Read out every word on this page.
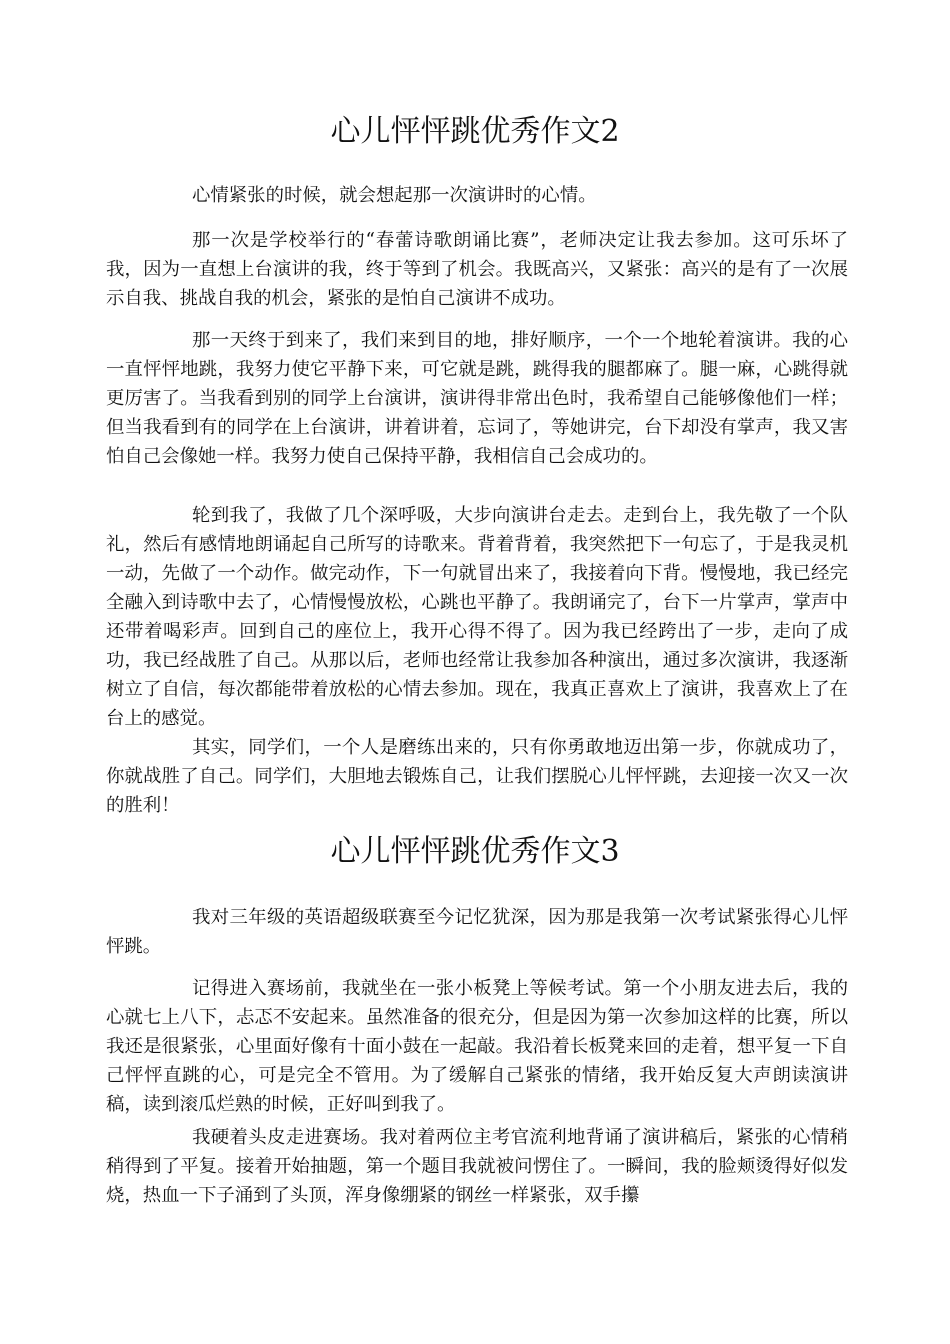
心儿怦怦跳优秀作文2

心情紧张的时候，就会想起那一次演讲时的心情。

那一次是学校举行的“春蕾诗歌朗诵比赛”，老师决定让我去参加。这可乐坏了我，因为一直想上台演讲的我，终于等到了机会。我既高兴，又紧张：高兴的是有了一次展示自我、挑战自我的机会，紧张的是怕自己演讲不成功。

那一天终于到来了，我们来到目的地，排好顺序，一个一个地轮着演讲。我的心一直怦怦地跳，我努力使它平静下来，可它就是跳，跳得我的腿都麻了。腿一麻，心跳得就更厉害了。当我看到别的同学上台演讲，演讲得非常出色时，我希望自己能够像他们一样；但当我看到有的同学在上台演讲，讲着讲着，忘词了，等她讲完，台下却没有掌声，我又害怕自己会像她一样。我努力使自己保持平静，我相信自己会成功的。

轮到我了，我做了几个深呼吸，大步向演讲台走去。走到台上，我先敬了一个队礼，然后有感情地朗诵起自己所写的诗歌来。背着背着，我突然把下一句忘了，于是我灵机一动，先做了一个动作。做完动作，下一句就冒出来了，我接着向下背。慢慢地，我已经完全融入到诗歌中去了，心情慢慢放松，心跳也平静了。我朗诵完了，台下一片掌声，掌声中还带着喝彩声。回到自己的座位上，我开心得不得了。因为我已经跨出了一步，走向了成功，我已经战胜了自己。从那以后，老师也经常让我参加各种演出，通过多次演讲，我逐渐树立了自信，每次都能带着放松的心情去参加。现在，我真正喜欢上了演讲，我喜欢上了在台上的感觉。

其实，同学们，一个人是磨练出来的，只有你勇敢地迈出第一步，你就成功了，你就战胜了自己。同学们，大胆地去锻炼自己，让我们摆脱心儿怦怦跳，去迎接一次又一次的胜利！

心儿怦怦跳优秀作文3

我对三年级的英语超级联赛至今记忆犹深，因为那是我第一次考试紧张得心儿怦怦跳。

记得进入赛场前，我就坐在一张小板凳上等候考试。第一个小朋友进去后，我的心就七上八下，忐忑不安起来。虽然准备的很充分，但是因为第一次参加这样的比赛，所以我还是很紧张，心里面好像有十面小鼓在一起敲。我沿着长板凳来回的走着，想平复一下自己怦怦直跳的心，可是完全不管用。为了缓解自己紧张的情绪，我开始反复大声朗读演讲稿，读到滚瓜烂熟的时候，正好叫到我了。

我硬着头皮走进赛场。我对着两位主考官流利地背诵了演讲稿后，紧张的心情稍稍得到了平复。接着开始抽题，第一个题目我就被问愣住了。一瞬间，我的脸颊烫得好似发烧，热血一下子涌到了头顶，浑身像绷紧的钢丝一样紧张，双手攥
